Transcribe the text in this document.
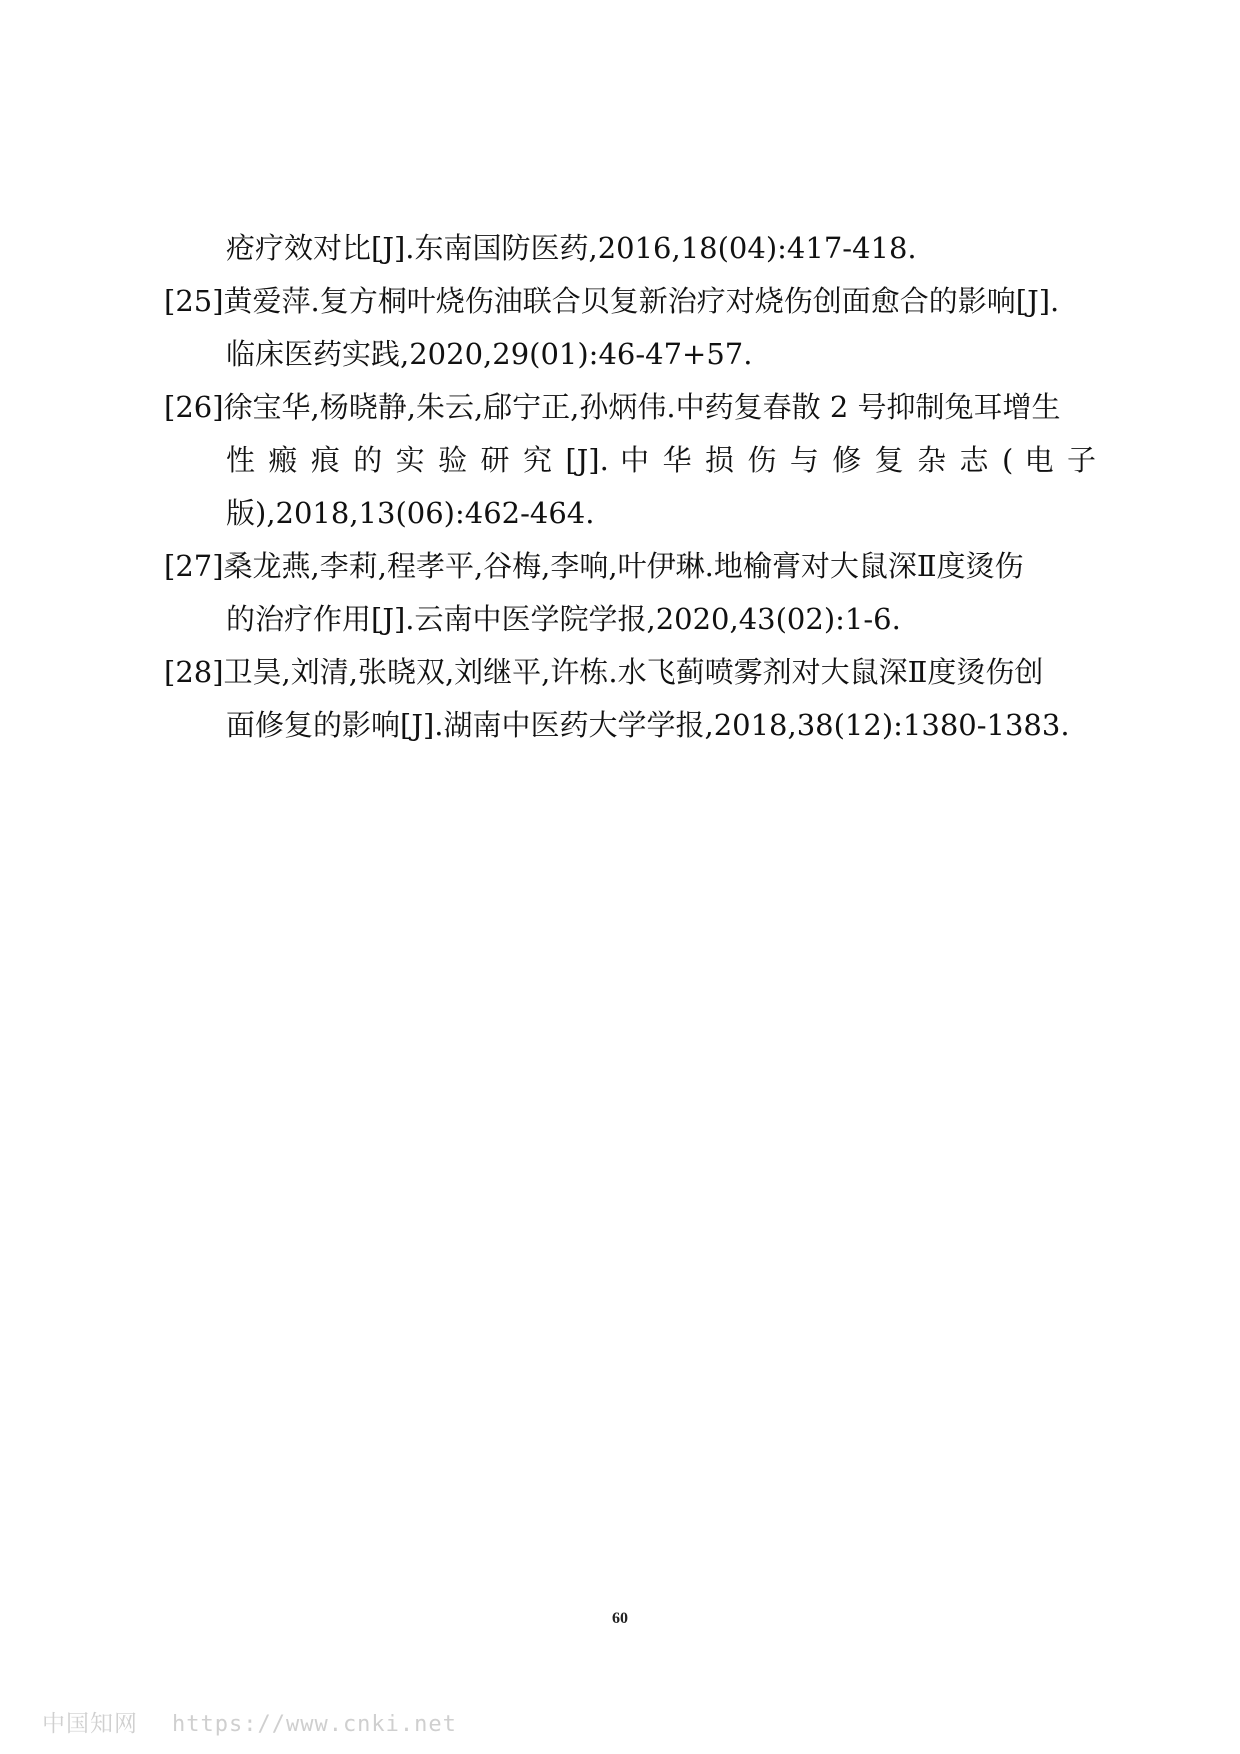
疮疗效对比[J].东南国防医药,2016,18(04):417-418.
[25]黄爱萍.复方桐叶烧伤油联合贝复新治疗对烧伤创面愈合的影响[J].
临床医药实践,2020,29(01):46-47+57.
[26]徐宝华,杨晓静,朱云,郈宁正,孙炳伟.中药复春散 2 号抑制兔耳增生
性 瘢 痕 的 实 验 研 究 [J]. 中 华 损 伤 与 修 复 杂 志 ( 电 子
版),2018,13(06):462-464.
[27]桑龙燕,李莉,程孝平,谷梅,李响,叶伊琳.地榆膏对大鼠深Ⅱ度烫伤
的治疗作用[J].云南中医学院学报,2020,43(02):1-6.
[28]卫昊,刘清,张晓双,刘继平,许栋.水飞蓟喷雾剂对大鼠深Ⅱ度烫伤创
面修复的影响[J].湖南中医药大学学报,2018,38(12):1380-1383.
60
中国知网 https://www.cnki.net
